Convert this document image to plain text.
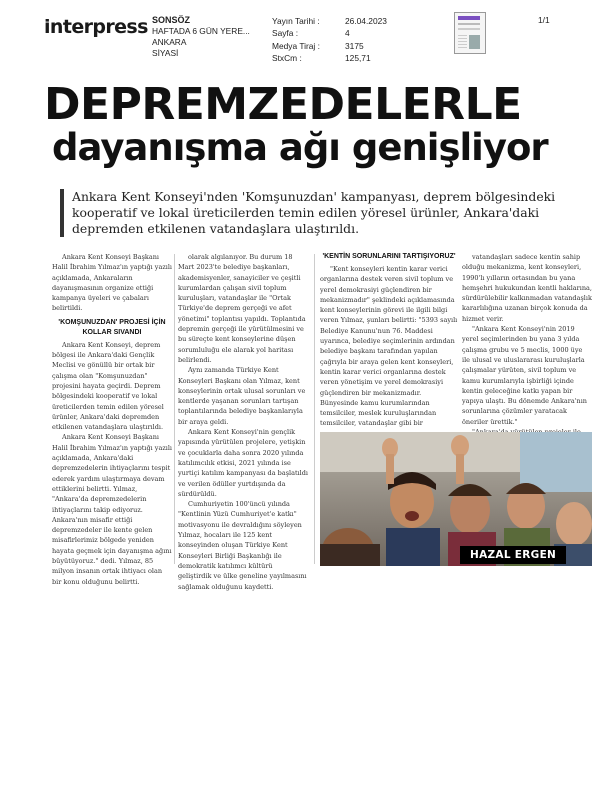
interpress SONSÖZ
HAFTADA 6 GÜN YERE...
ANKARA
SİYASİ
Yayın Tarihi :
Sayfa :
Medya Tiraj :
StxCm :
26.04.2023
4
3175
125,71
1/1
DEPREMZEDELERLE
dayanışma ağı genişliyor
Ankara Kent Konseyi'nden 'Komşunuzdan' kampanyası, deprem bölgesindeki kooperatif ve lokal üreticilerden temin edilen yöresel ürünler, Ankara'daki depremden etkilenen vatandaşlara ulaştırıldı.

Ankara Kent Konseyi Başkanı Halil İbrahim Yılmaz'ın yaptığı yazılı açıklamada, Ankaraların dayanışmasının organize ettiği kampanya üyeleri ve çabaları belirtildi.

'KOMŞUNUZDAN' PROJESİ İÇİN KOLLAR SIVANDI

Ankara Kent Konseyi, deprem bölgesi ile Ankara'daki Gençlik Meclisi ve gönüllü bir ortak bir çalışma olan "Komşunuzdan" projesini hayata geçirdi. Deprem bölgesindeki kooperatif ve lokal üreticilerden temin edilen yöresel ürünler, Ankara'daki depremden etkilenen vatandaşlara ulaştırıldı.

Ankara Kent Konseyi Başkanı Halil İbrahim Yılmaz'ın yaptığı yazılı açıklamada, Ankara'daki depremzedelerin ihtiyaçlarını tespit ederek yardım ulaştırmaya devam ettiklerini belirtti. Yılmaz, "Ankara'da depremzedelerin ihtiyaçlarını takip ediyoruz. Ankara'nın misafir ettiği depremzedeler ile kente gelen misafirlerimiz bölgede yeniden hayata geçmek için dayanışma ağını büyütüyoruz." dedi. Yılmaz, 85 milyon insanın ortak ihtiyacı olan bir konu olduğunu belirtti.

olarak algılanıyor. Bu durum 18 Mart 2023'te belediye başkanları, akademisyenler, sanayiciler ve çeşitli kurumlardan çalışan sivil toplum kuruluşları, vatandaşlar ile "Ortak Türkiye'de deprem gerçeği ve afet yönetimi" toplantısı yapıldı. Toplantıda depremin gerçeği ile yürütülmesini ve bu süreçte kent konseylerine düşen sorumluluğu ele alarak yol haritası belirlendi.

Aynı zamanda Türkiye Kent Konseyleri Başkanı olan Yılmaz, kent konseylerinin ortak ulusal sorunları ve kentlerde yaşanan sorunları tartışan toplantılarında belediye başkanlarıyla bir araya geldi.

Ankara Kent Konseyi'nin gençlik yapısında yürütülen projelere, yetişkin ve çocuklarla daha sonra 2020 yılında katılımcılık etkisi, 2021 yılında ise yurtiçi katılım kampanyası da başlatıldı ve verilen ödüller yurtdışında da sürdürüldü.

Cumhuriyetin 100'üncü yılında "Kentlinin Yüzü Cumhuriyet'e katkı" motivasyonu ile devraldığını söyleyen Yılmaz, hocaları ile 125 kent konseyinden oluşan Türkiye Kent Konseyleri Birliği Başkanlığı ile demokratik katılımcı kültürü geliştirdik ve ülke geneline yayılmasını sağlamak olduğunu kaydetti.

'KENTİN SORUNLARINI TARTIŞIYORUZ'

"Kent konseyleri kentin karar verici organlarına destek veren sivil toplum ve yerel demokrasiyi güçlendiren bir mekanizmadır" şeklindeki açıklamasında kent konseylerinin görevi ile ilgili bilgi veren Yılmaz, şunları belirtti: "5393 sayılı Belediye Kanunu'nun 76. Maddesi uyarınca, belediye seçimlerinin ardından belediye başkanı tarafından yapılan çağrıyla bir araya gelen kent konseyleri, kentin karar verici organlarına destek veren yönetişim ve yerel demokrasiyi güçlendiren bir mekanizmadır. Bünyesinde kamu kurumlarından temsilciler, meslek kuruluşlarından temsilciler, vatandaşlar gibi bir

vatandaşları sadece kentin sahip olduğu mekanizma, kent konseyleri, 1990'lı yılların ortasından bu yana hemşehri hukukundan kentli haklarına, sürdürülebilir kalkınmadan vatandaşlık kararlılığına uzanan birçok konuda da hizmet verir.

"Ankara Kent Konseyi'nin 2019 yerel seçimlerinden bu yana 3 yılda çalışma grubu ve 5 meclis, 1000 üye ile ulusal ve uluslararası kuruluşlarla çalışmalar yürüten, sivil toplum ve kamu kurumlarıyla işbirliği içinde kentin geleceğine katkı yapan bir yapıya ulaştı. Bu dönemde Ankara'nın sorunlarına çözümler yaratacak öneriler ürettik."

HAZAL ERGEN
